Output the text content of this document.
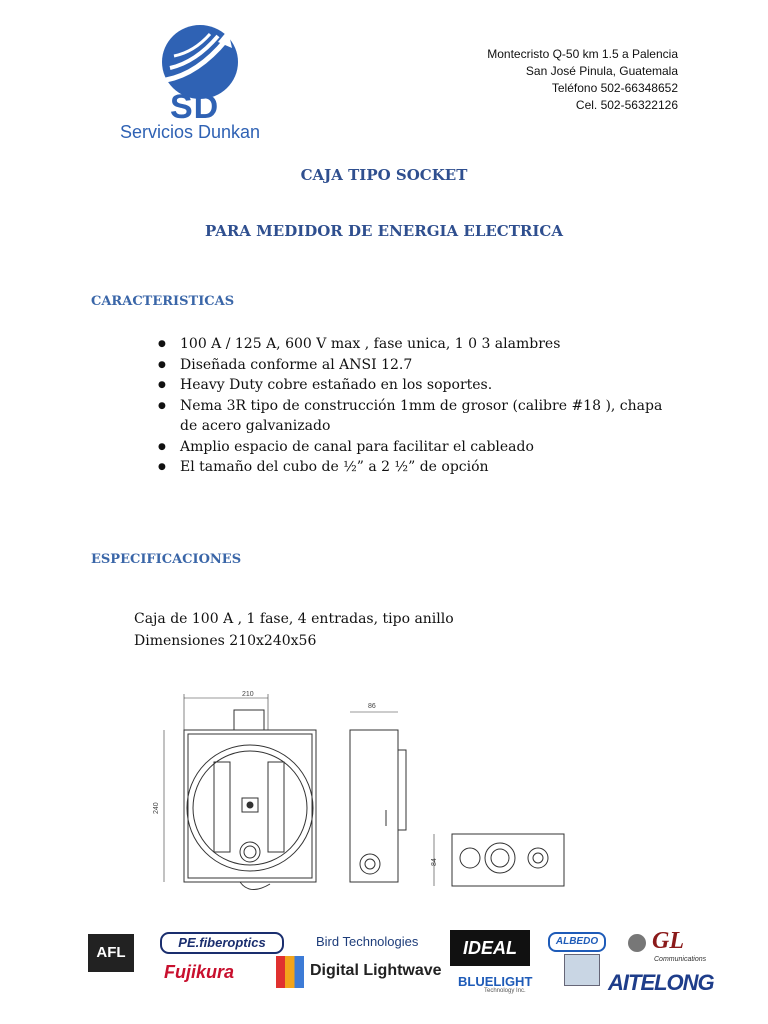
SD
Servicios Dunkan
Montecristo Q-50 km 1.5 a Palencia
San José Pinula, Guatemala
Teléfono 502-66348652
Cel. 502-56322126
CAJA TIPO SOCKET
PARA MEDIDOR DE ENERGIA ELECTRICA
CARACTERISTICAS
● 100 A / 125 A, 600 V max , fase unica, 1 0 3 alambres
● Diseñada conforme al ANSI 12.7
● Heavy Duty cobre estañado en los soportes.
● Nema 3R tipo de construcción 1mm de grosor (calibre #18 ), chapa de acero galvanizado
● Amplio espacio de canal para facilitar el cableado
● El tamaño del cubo de ½” a 2 ½” de opción
ESPECIFICACIONES
Caja de 100 A , 1 fase, 4 entradas, tipo anillo
Dimensiones 210x240x56
210
240
86
84
AFL
PE.fiberoptics
Fujikura
Bird Technologies
Digital Lightwave
IDEAL
BLUELIGHT
Technology Inc.
ALBEDO	GL
Communications
AITELONG
